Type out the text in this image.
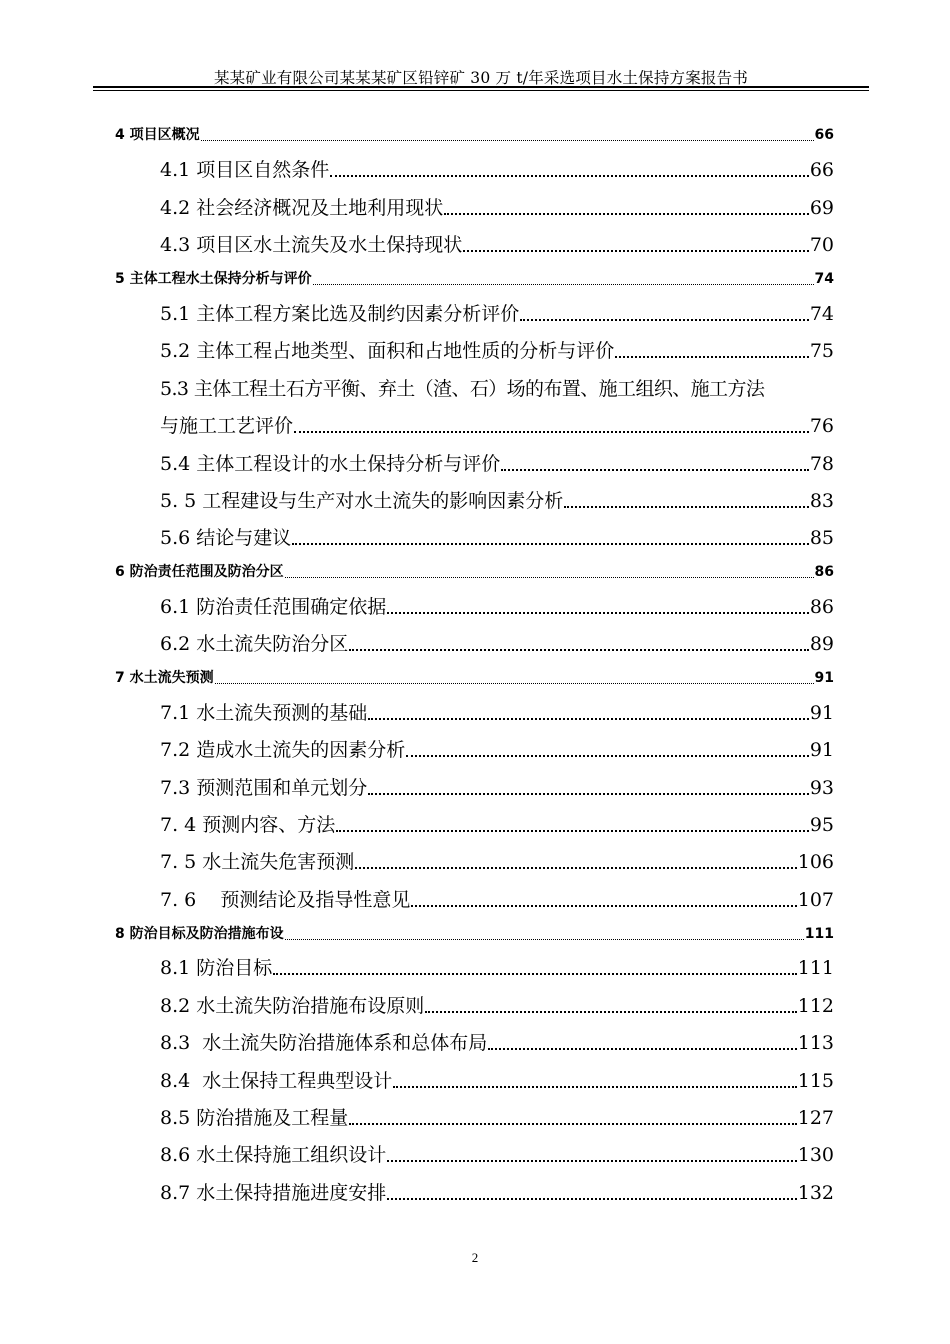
某某矿业有限公司某某某矿区铅锌矿 30 万 t/年采选项目水土保持方案报告书
4 项目区概况	66
4.1 项目区自然条件	66
4.2 社会经济概况及土地利用现状	69
4.3 项目区水土流失及水土保持现状	70
5 主体工程水土保持分析与评价	74
5.1 主体工程方案比选及制约因素分析评价	74
5.2 主体工程占地类型、面积和占地性质的分析与评价	75
5.3 主体工程土石方平衡、弃土（渣、石）场的布置、施工组织、施工方法
与施工工艺评价	76
5.4 主体工程设计的水土保持分析与评价	78
5. 5 工程建设与生产对水土流失的影响因素分析	83
5.6 结论与建议	85
6 防治责任范围及防治分区	86
6.1 防治责任范围确定依据	86
6.2 水土流失防治分区	89
7 水土流失预测	91
7.1 水土流失预测的基础	91
7.2 造成水土流失的因素分析	91
7.3 预测范围和单元划分	93
7. 4 预测内容、方法	95
7. 5 水土流失危害预测	106
7. 6    预测结论及指导性意见	107
8 防治目标及防治措施布设	111
8.1 防治目标	111
8.2 水土流失防治措施布设原则	112
8.3  水土流失防治措施体系和总体布局	113
8.4  水土保持工程典型设计	115
8.5 防治措施及工程量	127
8.6 水土保持施工组织设计	130
8.7 水土保持措施进度安排	132
2
